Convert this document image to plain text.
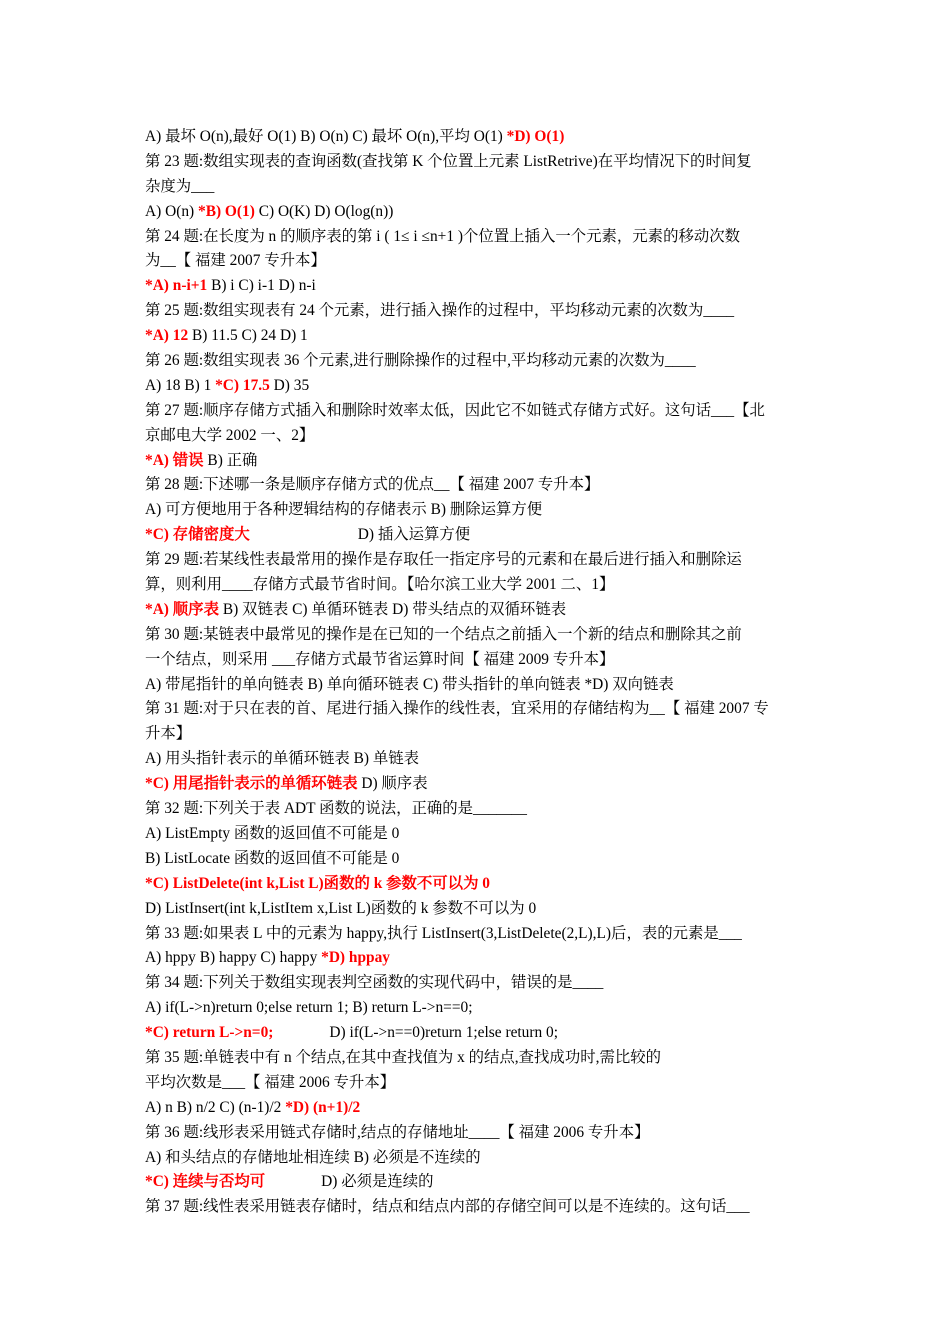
A) 最坏 O(n),最好 O(1) B) O(n) C) 最坏 O(n),平均 O(1) *D) O(1)
第 23 题:数组实现表的查询函数(查找第 K 个位置上元素 ListRetrive)在平均情况下的时间复
杂度为___
A) O(n) *B) O(1) C) O(K) D) O(log(n))
第 24 题:在长度为 n 的顺序表的第 i ( 1≤ i ≤n+1 )个位置上插入一个元素，元素的移动次数
为__【 福建 2007 专升本】
*A) n-i+1 B) i C) i-1 D) n-i
第 25 题:数组实现表有 24 个元素，进行插入操作的过程中，平均移动元素的次数为____
*A) 12 B) 11.5 C) 24 D) 1
第 26 题:数组实现表 36 个元素,进行删除操作的过程中,平均移动元素的次数为____
A) 18 B) 1 *C) 17.5 D) 35
第 27 题:顺序存储方式插入和删除时效率太低，因此它不如链式存储方式好。这句话___【北
京邮电大学 2002 一、2】
*A) 错误 B) 正确
第 28 题:下述哪一条是顺序存储方式的优点__【 福建 2007 专升本】
A) 可方便地用于各种逻辑结构的存储表示 B) 删除运算方便
*C) 存储密度大	D) 插入运算方便
第 29 题:若某线性表最常用的操作是存取任一指定序号的元素和在最后进行插入和删除运
算，则利用____存储方式最节省时间。【哈尔滨工业大学 2001 二、1】
*A) 顺序表 B) 双链表 C) 单循环链表 D) 带头结点的双循环链表
第 30 题:某链表中最常见的操作是在已知的一个结点之前插入一个新的结点和删除其之前
一个结点，则采用 ___存储方式最节省运算时间【 福建 2009 专升本】
A) 带尾指针的单向链表 B) 单向循环链表 C) 带头指针的单向链表 *D) 双向链表
第 31 题:对于只在表的首、尾进行插入操作的线性表，宜采用的存储结构为__【 福建 2007 专
升本】
A) 用头指针表示的单循环链表 B) 单链表
*C) 用尾指针表示的单循环链表 D) 顺序表
第 32 题:下列关于表 ADT 函数的说法，正确的是_______
A) ListEmpty 函数的返回值不可能是 0
B) ListLocate 函数的返回值不可能是 0
*C) ListDelete(int k,List L)函数的 k 参数不可以为 0
D) ListInsert(int k,ListItem x,List L)函数的 k 参数不可以为 0
第 33 题:如果表 L 中的元素为 happy,执行 ListInsert(3,ListDelete(2,L),L)后，表的元素是___
A) hppy B) happy C) happy *D) hppay
第 34 题:下列关于数组实现表判空函数的实现代码中，错误的是____
A) if(L->n)return 0;else return 1; B) return L->n==0;
*C) return L->n=0;	D) if(L->n==0)return 1;else return 0;
第 35 题:单链表中有 n 个结点,在其中查找值为 x 的结点,查找成功时,需比较的
平均次数是___【 福建 2006 专升本】
A) n B) n/2 C) (n-1)/2 *D) (n+1)/2
第 36 题:线形表采用链式存储时,结点的存储地址____【 福建 2006 专升本】
A) 和头结点的存储地址相连续 B) 必须是不连续的
*C) 连续与否均可	D) 必须是连续的
第 37 题:线性表采用链表存储时，结点和结点内部的存储空间可以是不连续的。这句话___
